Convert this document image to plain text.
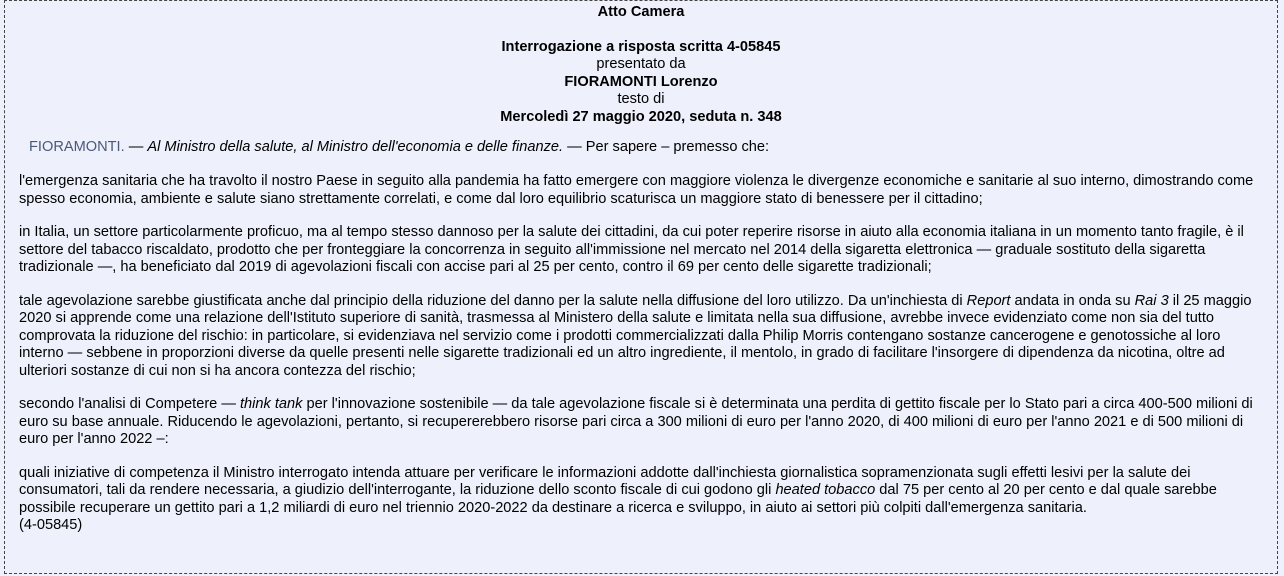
Atto Camera
Interrogazione a risposta scritta 4-05845
presentato da
FIORAMONTI Lorenzo
testo di
Mercoledì 27 maggio 2020, seduta n. 348

FIORAMONTI. — Al Ministro della salute, al Ministro dell'economia e delle finanze. — Per sapere – premesso che:

l'emergenza sanitaria che ha travolto il nostro Paese in seguito alla pandemia ha fatto emergere con maggiore violenza le divergenze economiche e sanitarie al suo interno, dimostrando come spesso economia, ambiente e salute siano strettamente correlati, e come dal loro equilibrio scaturisca un maggiore stato di benessere per il cittadino;

in Italia, un settore particolarmente proficuo, ma al tempo stesso dannoso per la salute dei cittadini, da cui poter reperire risorse in aiuto alla economia italiana in un momento tanto fragile, è il settore del tabacco riscaldato, prodotto che per fronteggiare la concorrenza in seguito all'immissione nel mercato nel 2014 della sigaretta elettronica — graduale sostituto della sigaretta tradizionale —, ha beneficiato dal 2019 di agevolazioni fiscali con accise pari al 25 per cento, contro il 69 per cento delle sigarette tradizionali;

tale agevolazione sarebbe giustificata anche dal principio della riduzione del danno per la salute nella diffusione del loro utilizzo. Da un'inchiesta di Report andata in onda su Rai 3 il 25 maggio 2020 si apprende come una relazione dell'Istituto superiore di sanità, trasmessa al Ministero della salute e limitata nella sua diffusione, avrebbe invece evidenziato come non sia del tutto comprovata la riduzione del rischio: in particolare, si evidenziava nel servizio come i prodotti commercializzati dalla Philip Morris contengano sostanze cancerogene e genotossiche al loro interno — sebbene in proporzioni diverse da quelle presenti nelle sigarette tradizionali ed un altro ingrediente, il mentolo, in grado di facilitare l'insorgere di dipendenza da nicotina, oltre ad ulteriori sostanze di cui non si ha ancora contezza del rischio;

secondo l'analisi di Competere — think tank per l'innovazione sostenibile — da tale agevolazione fiscale si è determinata una perdita di gettito fiscale per lo Stato pari a circa 400-500 milioni di euro su base annuale. Riducendo le agevolazioni, pertanto, si recupererebbero risorse pari circa a 300 milioni di euro per l'anno 2020, di 400 milioni di euro per l'anno 2021 e di 500 milioni di euro per l'anno 2022 –:

quali iniziative di competenza il Ministro interrogato intenda attuare per verificare le informazioni addotte dall'inchiesta giornalistica sopramenzionata sugli effetti lesivi per la salute dei consumatori, tali da rendere necessaria, a giudizio dell'interrogante, la riduzione dello sconto fiscale di cui godono gli heated tobacco dal 75 per cento al 20 per cento e dal quale sarebbe possibile recuperare un gettito pari a 1,2 miliardi di euro nel triennio 2020-2022 da destinare a ricerca e sviluppo, in aiuto ai settori più colpiti dall'emergenza sanitaria.

(4-05845)
